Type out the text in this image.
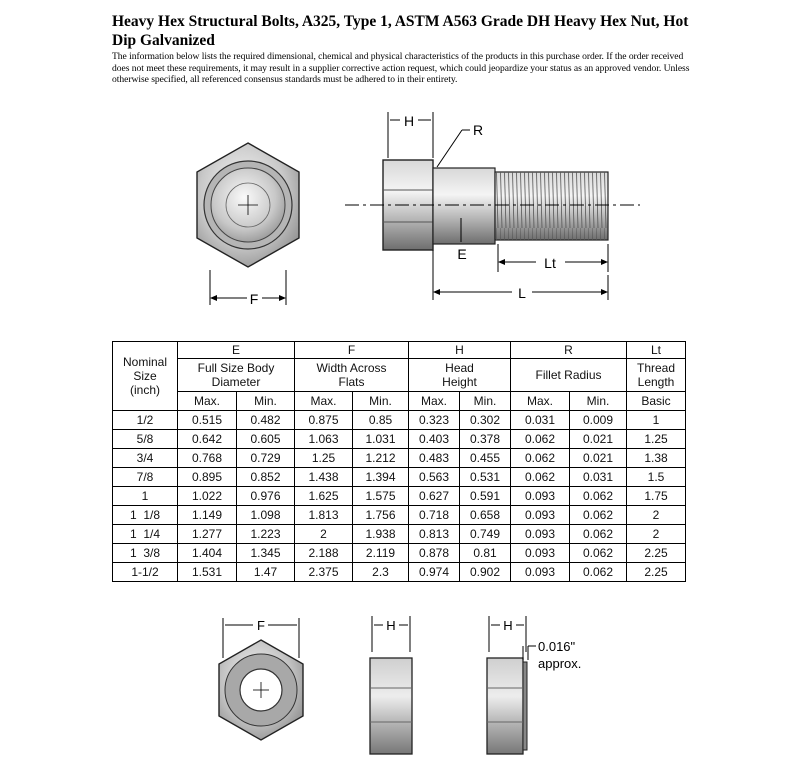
Heavy Hex Structural Bolts, A325, Type 1, ASTM A563 Grade DH Heavy Hex Nut, Hot Dip Galvanized

The information below lists the required dimensional, chemical and physical characteristics of the products in this purchase order. If the order received does not meet these requirements, it may result in a supplier corrective action request, which could jeopardize your status as an approved vendor. Unless otherwise specified, all referenced consensus standards must be adhered to in their entirety.

F
H
R
E
Lt
L
Nominal Size (inch)	E		F		H		R		Lt
	Full Size Body Diameter		Width Across Flats		Head Height		Fillet Radius		Thread Length
	Max.	Min.	Max.	Min.	Max.	Min.	Max.	Min.	Basic
1/2	0.515	0.482	0.875	0.85	0.323	0.302	0.031	0.009	1
5/8	0.642	0.605	1.063	1.031	0.403	0.378	0.062	0.021	1.25
3/4	0.768	0.729	1.25	1.212	0.483	0.455	0.062	0.021	1.38
7/8	0.895	0.852	1.438	1.394	0.563	0.531	0.062	0.031	1.5
1	1.022	0.976	1.625	1.575	0.627	0.591	0.093	0.062	1.75
1  1/8	1.149	1.098	1.813	1.756	0.718	0.658	0.093	0.062	2
1  1/4	1.277	1.223	2	1.938	0.813	0.749	0.093	0.062	2
1  3/8	1.404	1.345	2.188	2.119	0.878	0.81	0.093	0.062	2.25
1-1/2	1.531	1.47	2.375	2.3	0.974	0.902	0.093	0.062	2.25
F	H	H
0.016"
approx.
